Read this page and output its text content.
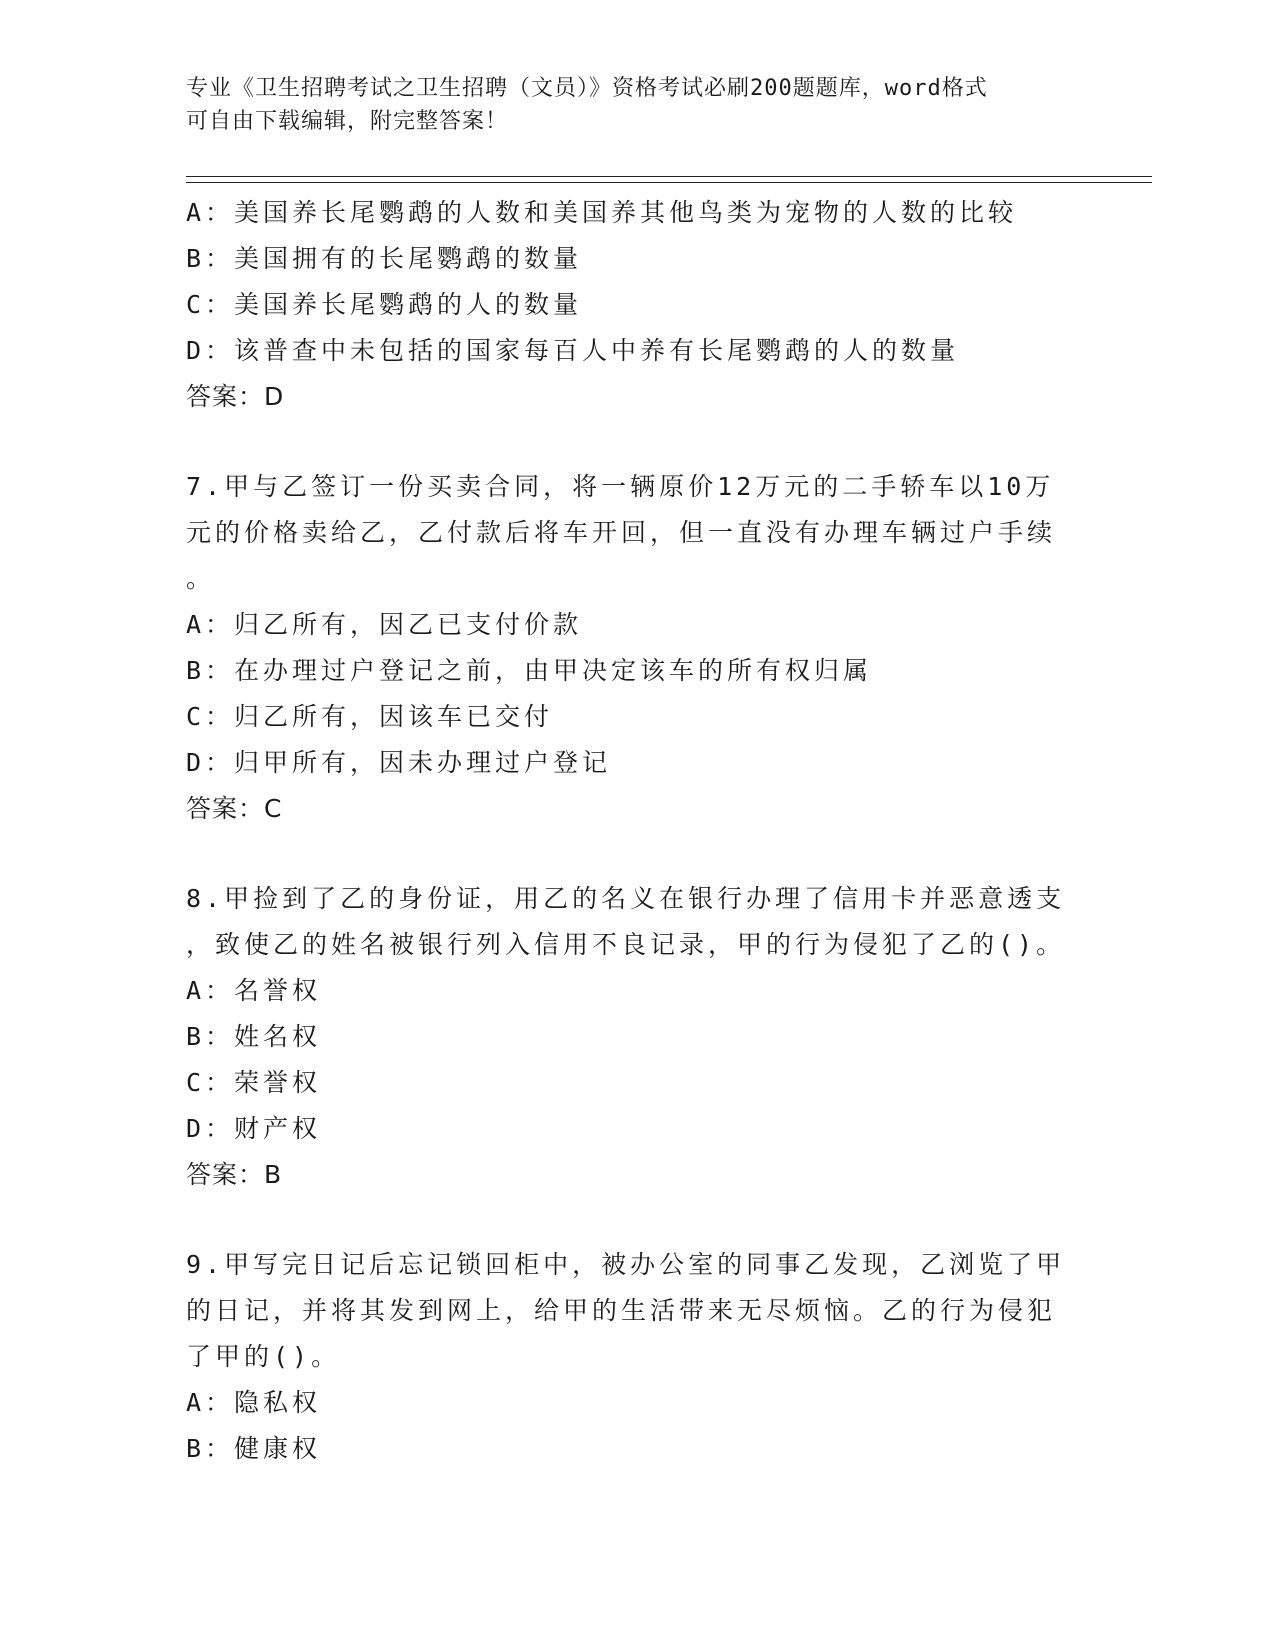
专业《卫生招聘考试之卫生招聘（文员）》资格考试必刷200题题库，word格式
可自由下载编辑，附完整答案！
A：美国养长尾鹦鹉的人数和美国养其他鸟类为宠物的人数的比较
B：美国拥有的长尾鹦鹉的数量
C：美国养长尾鹦鹉的人的数量
D：该普查中未包括的国家每百人中养有长尾鹦鹉的人的数量
答案：D
7.甲与乙签订一份买卖合同，将一辆原价12万元的二手轿车以10万
元的价格卖给乙，乙付款后将车开回，但一直没有办理车辆过户手续
。
A：归乙所有，因乙已支付价款
B：在办理过户登记之前，由甲决定该车的所有权归属
C：归乙所有，因该车已交付
D：归甲所有，因未办理过户登记
答案：C
8.甲捡到了乙的身份证，用乙的名义在银行办理了信用卡并恶意透支
，致使乙的姓名被银行列入信用不良记录，甲的行为侵犯了乙的()。
A：名誉权
B：姓名权
C：荣誉权
D：财产权
答案：B
9.甲写完日记后忘记锁回柜中，被办公室的同事乙发现，乙浏览了甲
的日记，并将其发到网上，给甲的生活带来无尽烦恼。乙的行为侵犯
了甲的()。
A：隐私权
B：健康权
